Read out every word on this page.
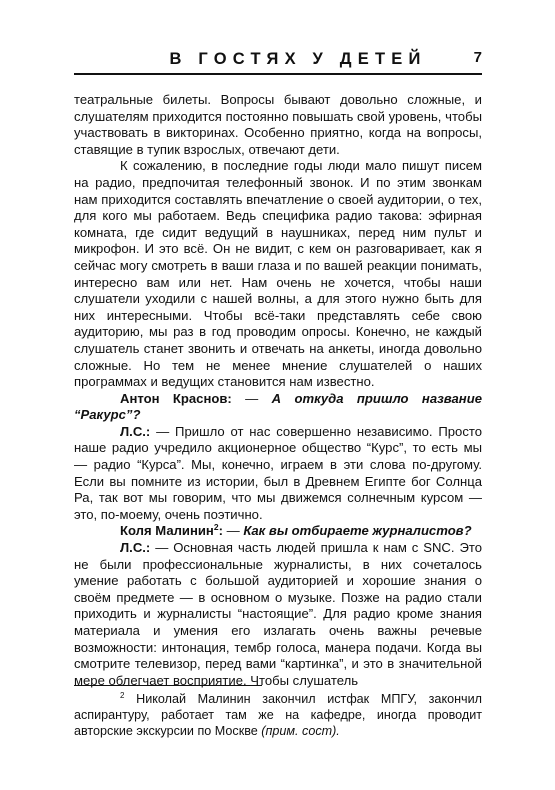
В ГОСТЯХ У ДЕТЕЙ	7

театральные билеты. Вопросы бывают довольно сложные, и слушателям приходится постоянно повышать свой уровень, чтобы участвовать в викторинах. Особенно приятно, когда на вопросы, ставящие в тупик взрослых, отвечают дети.

К сожалению, в последние годы люди мало пишут писем на радио, предпочитая телефонный звонок. И по этим звонкам нам приходится составлять впечатление о своей аудитории, о тех, для кого мы работаем. Ведь специфика радио такова: эфирная комната, где сидит ведущий в наушниках, перед ним пульт и микрофон. И это всё. Он не видит, с кем он разговаривает, как я сейчас могу смотреть в ваши глаза и по вашей реакции понимать, интересно вам или нет. Нам очень не хочется, чтобы наши слушатели уходили с нашей волны, а для этого нужно быть для них интересными. Чтобы всё-таки представлять себе свою аудиторию, мы раз в год проводим опросы. Конечно, не каждый слушатель станет звонить и отвечать на анкеты, иногда довольно сложные. Но тем не менее мнение слушателей о наших программах и ведущих становится нам известно.

Антон Краснов: — А откуда пришло название “Ракурс”?

Л.С.: — Пришло от нас совершенно независимо. Просто наше радио учредило акционерное общество “Курс”, то есть мы — радио “Курса”. Мы, конечно, играем в эти слова по-другому. Если вы помните из истории, был в Древнем Египте бог Солнца Ра, так вот мы говорим, что мы движемся солнечным курсом — это, по-моему, очень поэтично.

Коля Малинин$^2$: — Как вы отбираете журналистов?

Л.С.: — Основная часть людей пришла к нам с SNC. Это не были профессиональные журналисты, в них сочеталось умение работать с большой аудиторией и хорошие знания о своём предмете — в основном о музыке. Позже на радио стали приходить и журналисты “настоящие”. Для радио кроме знания материала и умения его излагать очень важны речевые возможности: интонация, тембр голоса, манера подачи. Когда вы смотрите телевизор, перед вами “картинка”, и это в значительной мере облегчает восприятие. Чтобы слушатель

$^2$ Николай Малинин закончил истфак МПГУ, закончил аспирантуру, работает там же на кафедре, иногда проводит авторские экскурсии по Москве (прим. сост).
